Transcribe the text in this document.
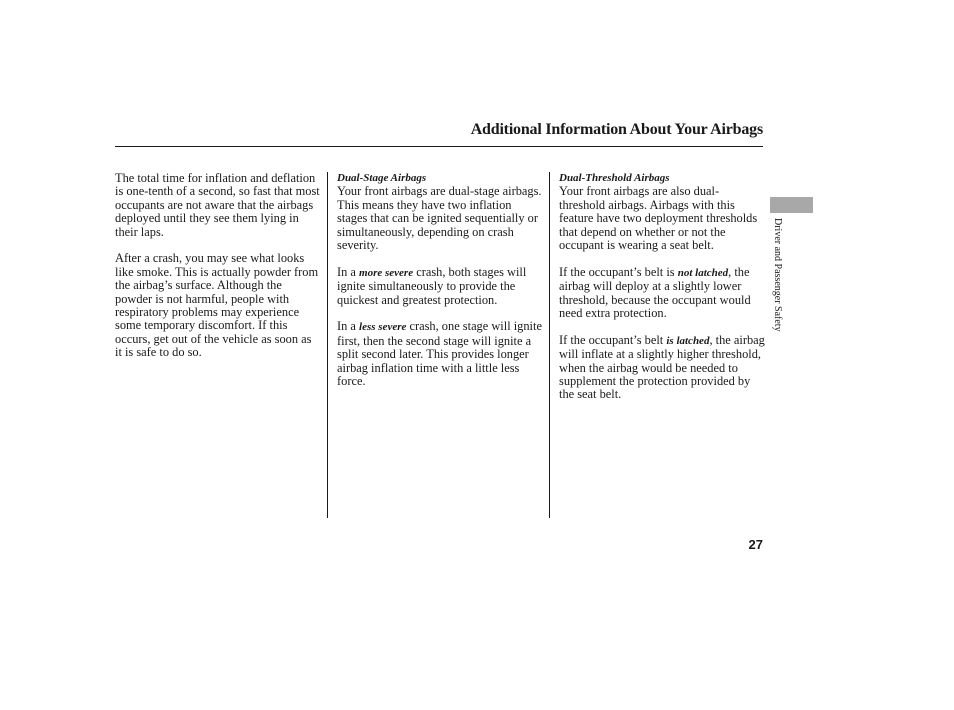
Additional Information About Your Airbags

The total time for inflation and deflation is one-tenth of a second, so fast that most occupants are not aware that the airbags deployed until they see them lying in their laps.

After a crash, you may see what looks like smoke. This is actually powder from the airbag’s surface. Although the powder is not harmful, people with respiratory problems may experience some temporary discomfort. If this occurs, get out of the vehicle as soon as it is safe to do so.

Dual-Stage Airbags

Your front airbags are dual-stage airbags. This means they have two inflation stages that can be ignited sequentially or simultaneously, depending on crash severity.

In a more severe crash, both stages will ignite simultaneously to provide the quickest and greatest protection.

In a less severe crash, one stage will ignite first, then the second stage will ignite a split second later. This provides longer airbag inflation time with a little less force.

Dual-Threshold Airbags

Your front airbags are also dual-threshold airbags. Airbags with this feature have two deployment thresholds that depend on whether or not the occupant is wearing a seat belt.

If the occupant’s belt is not latched, the airbag will deploy at a slightly lower threshold, because the occupant would need extra protection.

If the occupant’s belt is latched, the airbag will inflate at a slightly higher threshold, when the airbag would be needed to supplement the protection provided by the seat belt.

Driver and Passenger Safety
27
